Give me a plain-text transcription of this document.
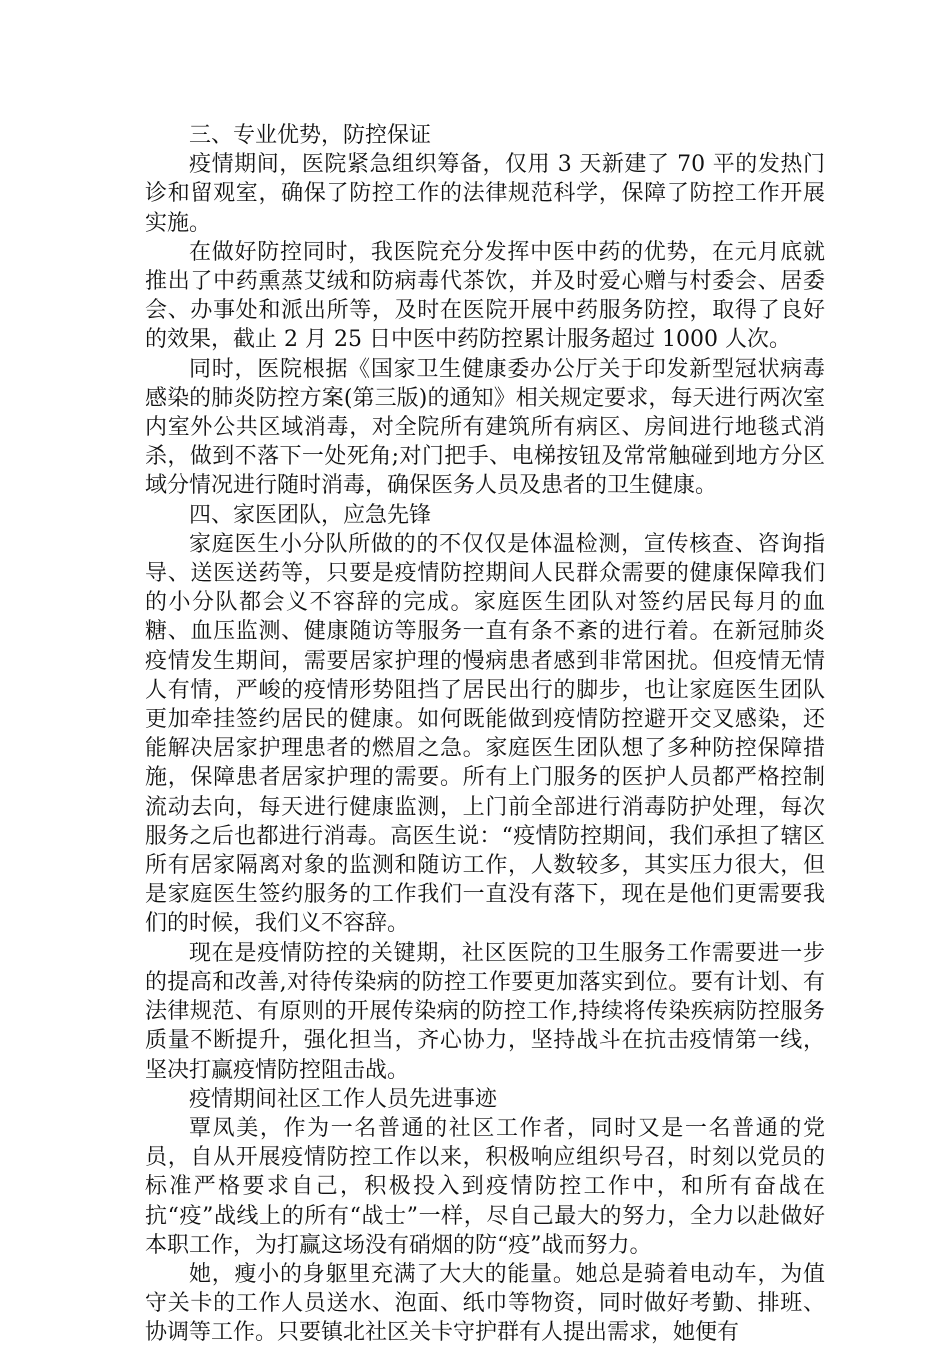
三、专业优势，防控保证

疫情期间，医院紧急组织筹备，仅用 3 天新建了 70 平的发热门诊和留观室，确保了防控工作的法律规范科学，保障了防控工作开展实施。

在做好防控同时，我医院充分发挥中医中药的优势，在元月底就推出了中药熏蒸艾绒和防病毒代茶饮，并及时爱心赠与村委会、居委会、办事处和派出所等，及时在医院开展中药服务防控，取得了良好的效果，截止 2 月 25 日中医中药防控累计服务超过 1000 人次。

同时，医院根据《国家卫生健康委办公厅关于印发新型冠状病毒感染的肺炎防控方案(第三版)的通知》相关规定要求，每天进行两次室内室外公共区域消毒，对全院所有建筑所有病区、房间进行地毯式消杀，做到不落下一处死角;对门把手、电梯按钮及常常触碰到地方分区域分情况进行随时消毒，确保医务人员及患者的卫生健康。

四、家医团队，应急先锋

家庭医生小分队所做的的不仅仅是体温检测，宣传核查、咨询指导、送医送药等，只要是疫情防控期间人民群众需要的健康保障我们的小分队都会义不容辞的完成。家庭医生团队对签约居民每月的血糖、血压监测、健康随访等服务一直有条不紊的进行着。在新冠肺炎疫情发生期间，需要居家护理的慢病患者感到非常困扰。但疫情无情人有情，严峻的疫情形势阻挡了居民出行的脚步，也让家庭医生团队更加牵挂签约居民的健康。如何既能做到疫情防控避开交叉感染，还能解决居家护理患者的燃眉之急。家庭医生团队想了多种防控保障措施，保障患者居家护理的需要。所有上门服务的医护人员都严格控制流动去向，每天进行健康监测，上门前全部进行消毒防护处理，每次服务之后也都进行消毒。高医生说：“疫情防控期间，我们承担了辖区所有居家隔离对象的监测和随访工作，人数较多，其实压力很大，但是家庭医生签约服务的工作我们一直没有落下，现在是他们更需要我们的时候，我们义不容辞。

现在是疫情防控的关键期，社区医院的卫生服务工作需要进一步的提高和改善,对待传染病的防控工作要更加落实到位。要有计划、有法律规范、有原则的开展传染病的防控工作,持续将传染疾病防控服务质量不断提升，强化担当，齐心协力，坚持战斗在抗击疫情第一线，坚决打赢疫情防控阻击战。

疫情期间社区工作人员先进事迹

覃凤美，作为一名普通的社区工作者，同时又是一名普通的党员，自从开展疫情防控工作以来，积极响应组织号召，时刻以党员的标准严格要求自己，积极投入到疫情防控工作中，和所有奋战在抗“疫”战线上的所有“战士”一样，尽自己最大的努力，全力以赴做好本职工作，为打赢这场没有硝烟的防“疫”战而努力。

她，瘦小的身躯里充满了大大的能量。她总是骑着电动车，为值守关卡的工作人员送水、泡面、纸巾等物资，同时做好考勤、排班、协调等工作。只要镇北社区关卡守护群有人提出需求，她便有
